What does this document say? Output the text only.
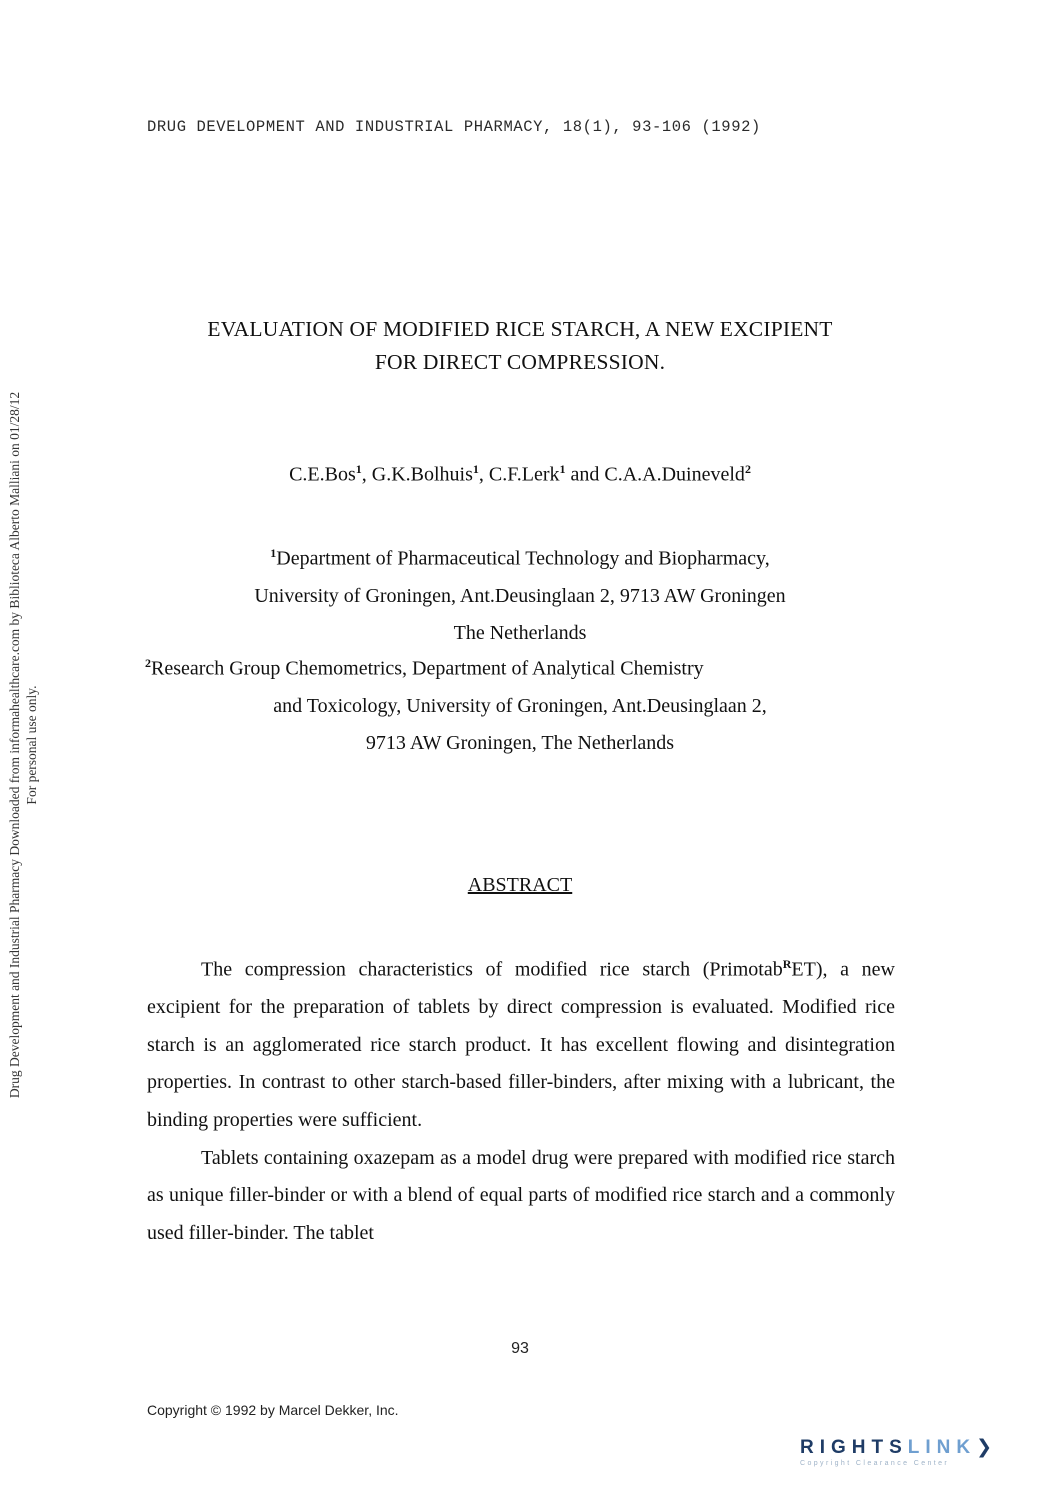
Drug Development and Industrial Pharmacy Downloaded from informahealthcare.com by Biblioteca Alberto Malliani on 01/28/12 For personal use only.
DRUG DEVELOPMENT AND INDUSTRIAL PHARMACY, 18(1), 93-106 (1992)
EVALUATION OF MODIFIED RICE STARCH, A NEW EXCIPIENT
FOR DIRECT COMPRESSION.
C.E.Bos$^1$, G.K.Bolhuis$^1$, C.F.Lerk$^1$ and C.A.A.Duineveld$^2$
$^1$Department of Pharmaceutical Technology and Biopharmacy,
University of Groningen, Ant.Deusinglaan 2, 9713 AW Groningen
The Netherlands
$^2$Research Group Chemometrics, Department of Analytical Chemistry
and Toxicology, University of Groningen, Ant.Deusinglaan 2,
9713 AW Groningen, The Netherlands
ABSTRACT

The compression characteristics of modified rice starch (Primotab$^R$ET), a new excipient for the preparation of tablets by direct compression is evaluated. Modified rice starch is an agglomerated rice starch product. It has excellent flowing and disintegration properties. In contrast to other starch-based filler-binders, after mixing with a lubricant, the binding properties were sufficient.

Tablets containing oxazepam as a model drug were prepared with modified rice starch as unique filler-binder or with a blend of equal parts of modified rice starch and a commonly used filler-binder. The tablet

93
Copyright © 1992 by Marcel Dekker, Inc.
RIGHTSLINK❯
Copyright Clearance Center
